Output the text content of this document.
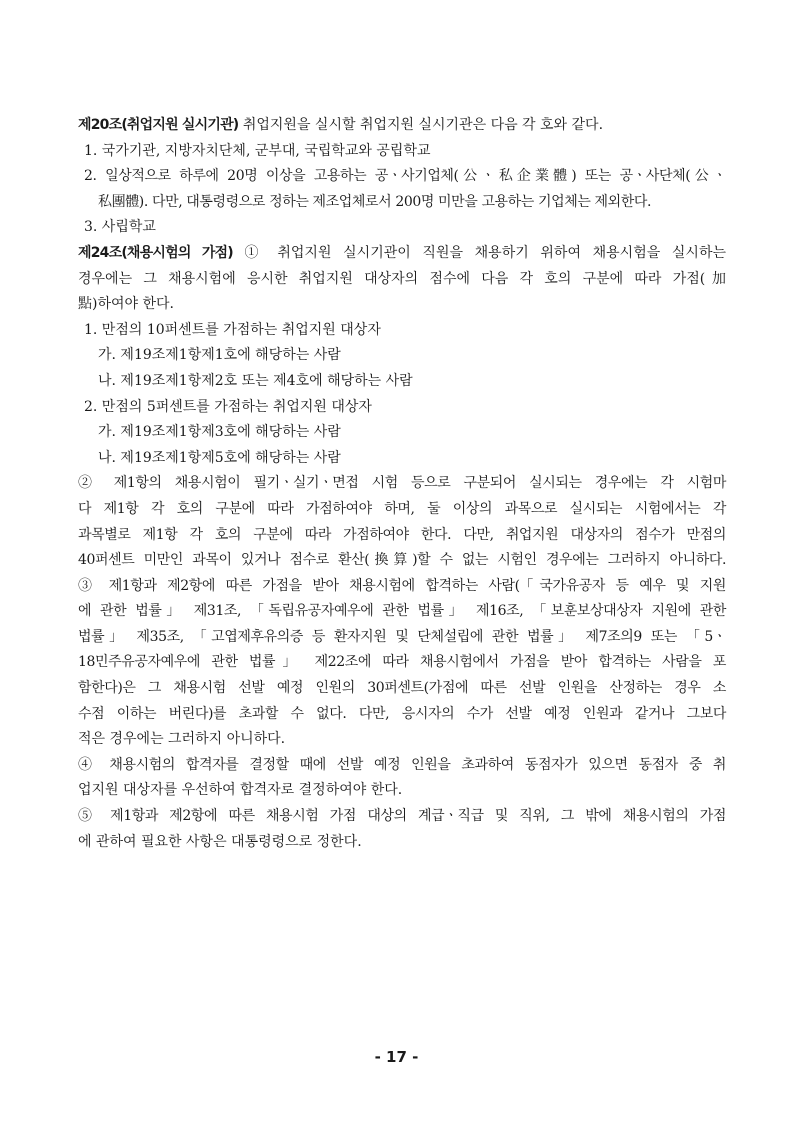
제20조(취업지원 실시기관) 취업지원을 실시할 취업지원 실시기관은 다음 각 호와 같다.
1. 국가기관, 지방자치단체, 군부대, 국립학교와 공립학교
2. 일상적으로 하루에 20명 이상을 고용하는 공ㆍ사기업체(公ㆍ私企業體) 또는 공ㆍ사단체(公ㆍ
私團體). 다만, 대통령령으로 정하는 제조업체로서 200명 미만을 고용하는 기업체는 제외한다.
3. 사립학교
제24조(채용시험의 가점) ① 취업지원 실시기관이 직원을 채용하기 위하여 채용시험을 실시하는
경우에는 그 채용시험에 응시한 취업지원 대상자의 점수에 다음 각 호의 구분에 따라 가점(加
點)하여야 한다.
1. 만점의 10퍼센트를 가점하는 취업지원 대상자
가. 제19조제1항제1호에 해당하는 사람
나. 제19조제1항제2호 또는 제4호에 해당하는 사람
2. 만점의 5퍼센트를 가점하는 취업지원 대상자
가. 제19조제1항제3호에 해당하는 사람
나. 제19조제1항제5호에 해당하는 사람
② 제1항의 채용시험이 필기ㆍ실기ㆍ면접 시험 등으로 구분되어 실시되는 경우에는 각 시험마
다 제1항 각 호의 구분에 따라 가점하여야 하며, 둘 이상의 과목으로 실시되는 시험에서는 각
과목별로 제1항 각 호의 구분에 따라 가점하여야 한다. 다만, 취업지원 대상자의 점수가 만점의
40퍼센트 미만인 과목이 있거나 점수로 환산(換算)할 수 없는 시험인 경우에는 그러하지 아니하다.
③ 제1항과 제2항에 따른 가점을 받아 채용시험에 합격하는 사람(「국가유공자 등 예우 및 지원
에 관한 법률」 제31조, 「독립유공자예우에 관한 법률」 제16조, 「보훈보상대상자 지원에 관한
법률」 제35조, 「고엽제후유의증 등 환자지원 및 단체설립에 관한 법률」 제7조의9 또는 「5ㆍ
18민주유공자예우에 관한 법률」 제22조에 따라 채용시험에서 가점을 받아 합격하는 사람을 포
함한다)은 그 채용시험 선발 예정 인원의 30퍼센트(가점에 따른 선발 인원을 산정하는 경우 소
수점 이하는 버린다)를 초과할 수 없다. 다만, 응시자의 수가 선발 예정 인원과 같거나 그보다
적은 경우에는 그러하지 아니하다.
④ 채용시험의 합격자를 결정할 때에 선발 예정 인원을 초과하여 동점자가 있으면 동점자 중 취
업지원 대상자를 우선하여 합격자로 결정하여야 한다.
⑤ 제1항과 제2항에 따른 채용시험 가점 대상의 계급ㆍ직급 및 직위, 그 밖에 채용시험의 가점
에 관하여 필요한 사항은 대통령령으로 정한다.
- 17 -
